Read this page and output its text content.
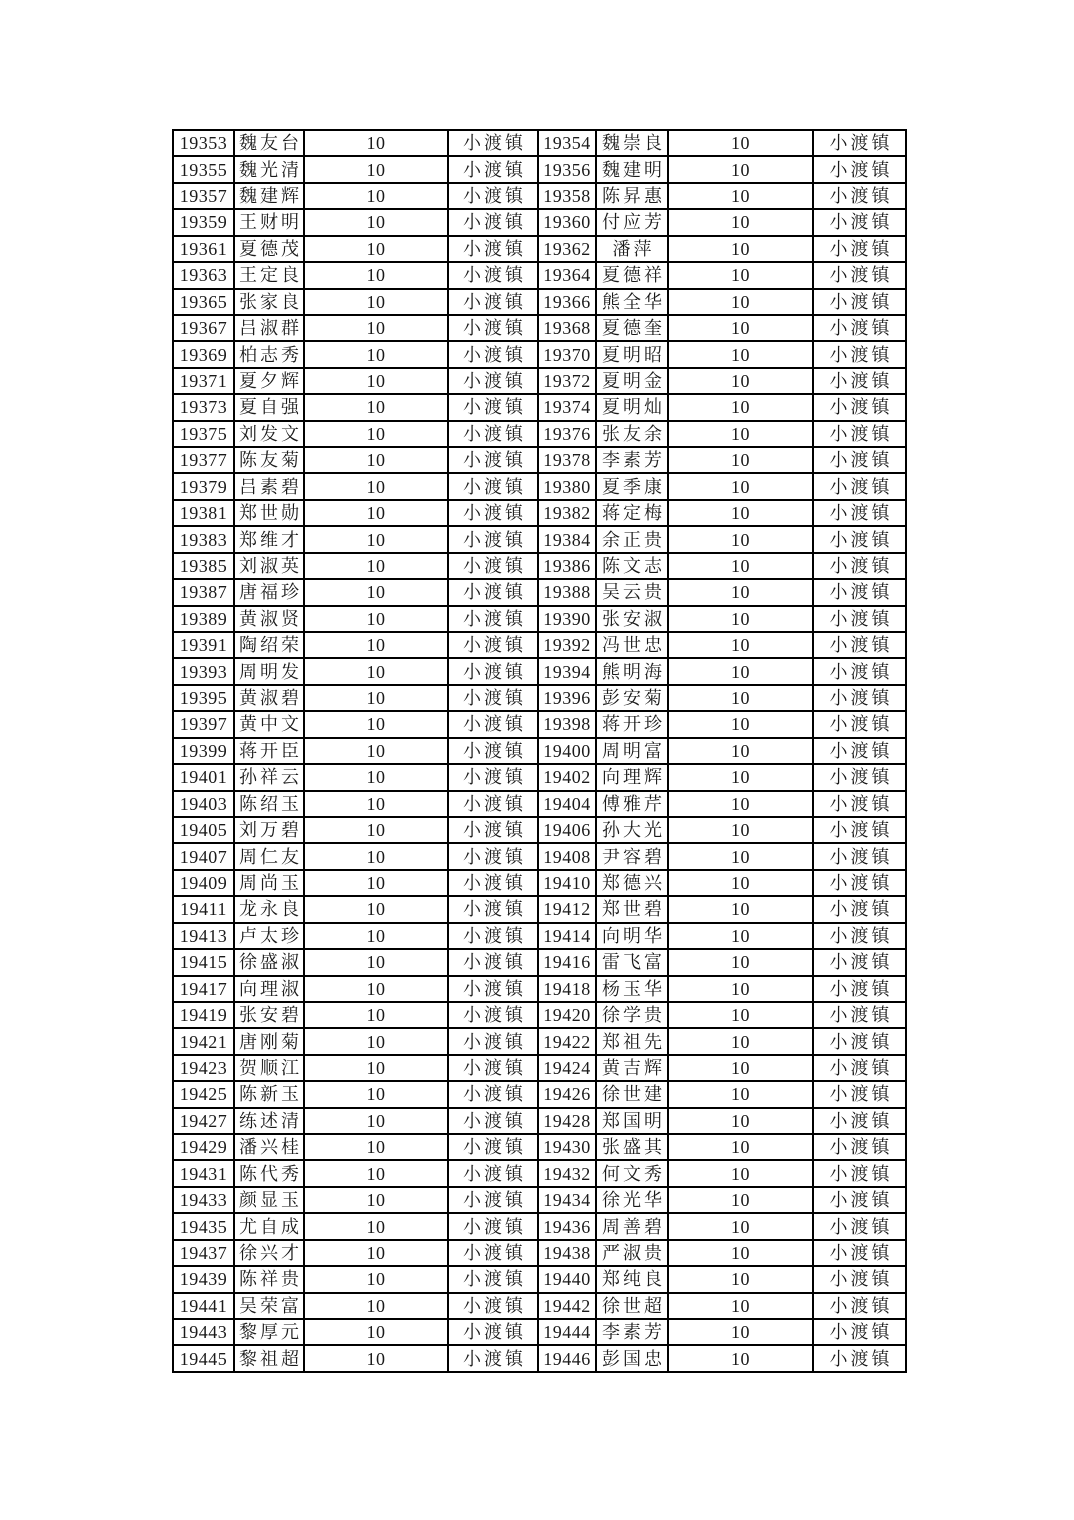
19353	魏友台	10	小渡镇	19354	魏崇良	10	小渡镇
19355	魏光清	10	小渡镇	19356	魏建明	10	小渡镇
19357	魏建辉	10	小渡镇	19358	陈昇惠	10	小渡镇
19359	王财明	10	小渡镇	19360	付应芳	10	小渡镇
19361	夏德茂	10	小渡镇	19362	潘萍	10	小渡镇
19363	王定良	10	小渡镇	19364	夏德祥	10	小渡镇
19365	张家良	10	小渡镇	19366	熊全华	10	小渡镇
19367	吕淑群	10	小渡镇	19368	夏德奎	10	小渡镇
19369	柏志秀	10	小渡镇	19370	夏明昭	10	小渡镇
19371	夏夕辉	10	小渡镇	19372	夏明金	10	小渡镇
19373	夏自强	10	小渡镇	19374	夏明灿	10	小渡镇
19375	刘发文	10	小渡镇	19376	张友余	10	小渡镇
19377	陈友菊	10	小渡镇	19378	李素芳	10	小渡镇
19379	吕素碧	10	小渡镇	19380	夏季康	10	小渡镇
19381	郑世勋	10	小渡镇	19382	蒋定梅	10	小渡镇
19383	郑维才	10	小渡镇	19384	余正贵	10	小渡镇
19385	刘淑英	10	小渡镇	19386	陈文志	10	小渡镇
19387	唐福珍	10	小渡镇	19388	吴云贵	10	小渡镇
19389	黄淑贤	10	小渡镇	19390	张安淑	10	小渡镇
19391	陶绍荣	10	小渡镇	19392	冯世忠	10	小渡镇
19393	周明发	10	小渡镇	19394	熊明海	10	小渡镇
19395	黄淑碧	10	小渡镇	19396	彭安菊	10	小渡镇
19397	黄中文	10	小渡镇	19398	蒋开珍	10	小渡镇
19399	蒋开臣	10	小渡镇	19400	周明富	10	小渡镇
19401	孙祥云	10	小渡镇	19402	向理辉	10	小渡镇
19403	陈绍玉	10	小渡镇	19404	傅雅芹	10	小渡镇
19405	刘万碧	10	小渡镇	19406	孙大光	10	小渡镇
19407	周仁友	10	小渡镇	19408	尹容碧	10	小渡镇
19409	周尚玉	10	小渡镇	19410	郑德兴	10	小渡镇
19411	龙永良	10	小渡镇	19412	郑世碧	10	小渡镇
19413	卢太珍	10	小渡镇	19414	向明华	10	小渡镇
19415	徐盛淑	10	小渡镇	19416	雷飞富	10	小渡镇
19417	向理淑	10	小渡镇	19418	杨玉华	10	小渡镇
19419	张安碧	10	小渡镇	19420	徐学贵	10	小渡镇
19421	唐刚菊	10	小渡镇	19422	郑祖先	10	小渡镇
19423	贺顺江	10	小渡镇	19424	黄吉辉	10	小渡镇
19425	陈新玉	10	小渡镇	19426	徐世建	10	小渡镇
19427	练述清	10	小渡镇	19428	郑国明	10	小渡镇
19429	潘兴桂	10	小渡镇	19430	张盛其	10	小渡镇
19431	陈代秀	10	小渡镇	19432	何文秀	10	小渡镇
19433	颜显玉	10	小渡镇	19434	徐光华	10	小渡镇
19435	尤自成	10	小渡镇	19436	周善碧	10	小渡镇
19437	徐兴才	10	小渡镇	19438	严淑贵	10	小渡镇
19439	陈祥贵	10	小渡镇	19440	郑纯良	10	小渡镇
19441	吴荣富	10	小渡镇	19442	徐世超	10	小渡镇
19443	黎厚元	10	小渡镇	19444	李素芳	10	小渡镇
19445	黎祖超	10	小渡镇	19446	彭国忠	10	小渡镇
